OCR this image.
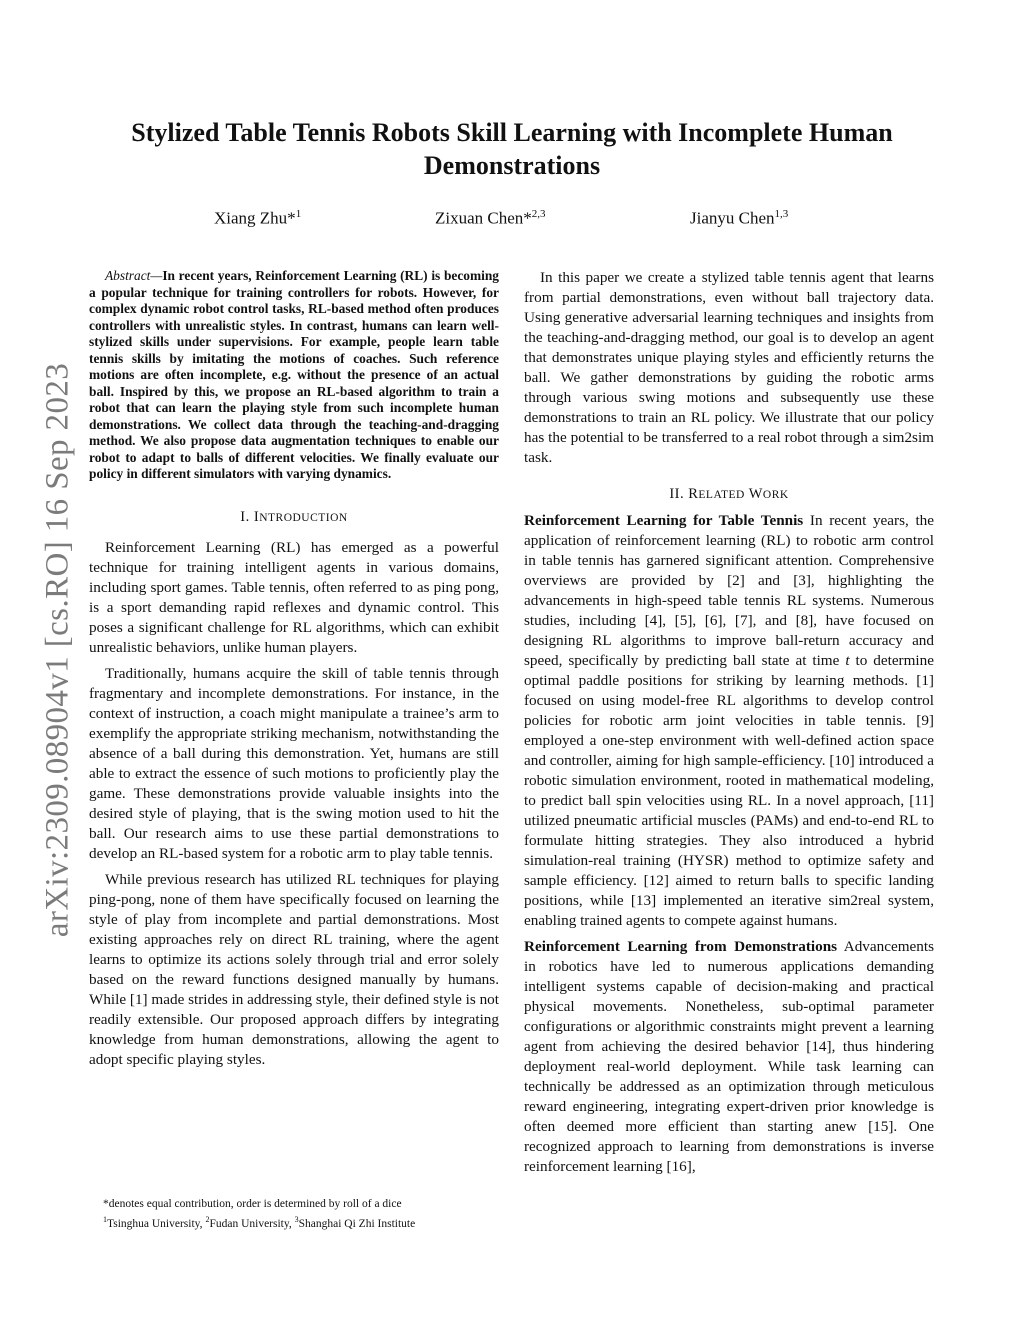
arXiv:2309.08904v1 [cs.RO] 16 Sep 2023
Stylized Table Tennis Robots Skill Learning with Incomplete Human Demonstrations
Xiang Zhu*$^1$	Zixuan Chen*$^{2,3}$	Jianyu Chen$^{1,3}$

Abstract—In recent years, Reinforcement Learning (RL) is becoming a popular technique for training controllers for robots. However, for complex dynamic robot control tasks, RL-based method often produces controllers with unrealistic styles. In contrast, humans can learn well-stylized skills under supervisions. For example, people learn table tennis skills by imitating the motions of coaches. Such reference motions are often incomplete, e.g. without the presence of an actual ball. Inspired by this, we propose an RL-based algorithm to train a robot that can learn the playing style from such incomplete human demonstrations. We collect data through the teaching-and-dragging method. We also propose data augmentation techniques to enable our robot to adapt to balls of different velocities. We finally evaluate our policy in different simulators with varying dynamics.

I. INTRODUCTION

Reinforcement Learning (RL) has emerged as a powerful technique for training intelligent agents in various domains, including sport games. Table tennis, often referred to as ping pong, is a sport demanding rapid reflexes and dynamic control. This poses a significant challenge for RL algorithms, which can exhibit unrealistic behaviors, unlike human players.

Traditionally, humans acquire the skill of table tennis through fragmentary and incomplete demonstrations. For instance, in the context of instruction, a coach might manipulate a trainee’s arm to exemplify the appropriate striking mechanism, notwithstanding the absence of a ball during this demonstration. Yet, humans are still able to extract the essence of such motions to proficiently play the game. These demonstrations provide valuable insights into the desired style of playing, that is the swing motion used to hit the ball. Our research aims to use these partial demonstrations to develop an RL-based system for a robotic arm to play table tennis.

While previous research has utilized RL techniques for playing ping-pong, none of them have specifically focused on learning the style of play from incomplete and partial demonstrations. Most existing approaches rely on direct RL training, where the agent learns to optimize its actions solely through trial and error solely based on the reward functions designed manually by humans. While [1] made strides in addressing style, their defined style is not readily extensible. Our proposed approach differs by integrating knowledge from human demonstrations, allowing the agent to adopt specific playing styles.

*denotes equal contribution, order is determined by roll of a dice
$^1$Tsinghua University, $^2$Fudan University, $^3$Shanghai Qi Zhi Institute

In this paper we create a stylized table tennis agent that learns from partial demonstrations, even without ball trajectory data. Using generative adversarial learning techniques and insights from the teaching-and-dragging method, our goal is to develop an agent that demonstrates unique playing styles and efficiently returns the ball. We gather demonstrations by guiding the robotic arms through various swing motions and subsequently use these demonstrations to train an RL policy. We illustrate that our policy has the potential to be transferred to a real robot through a sim2sim task.

II. RELATED WORK

Reinforcement Learning for Table Tennis In recent years, the application of reinforcement learning (RL) to robotic arm control in table tennis has garnered significant attention. Comprehensive overviews are provided by [2] and [3], highlighting the advancements in high-speed table tennis RL systems. Numerous studies, including [4], [5], [6], [7], and [8], have focused on designing RL algorithms to improve ball-return accuracy and speed, specifically by predicting ball state at time t to determine optimal paddle positions for striking by learning methods. [1] focused on using model-free RL algorithms to develop control policies for robotic arm joint velocities in table tennis. [9] employed a one-step environment with well-defined action space and controller, aiming for high sample-efficiency. [10] introduced a robotic simulation environment, rooted in mathematical modeling, to predict ball spin velocities using RL. In a novel approach, [11] utilized pneumatic artificial muscles (PAMs) and end-to-end RL to formulate hitting strategies. They also introduced a hybrid simulation-real training (HYSR) method to optimize safety and sample efficiency. [12] aimed to return balls to specific landing positions, while [13] implemented an iterative sim2real system, enabling trained agents to compete against humans.

Reinforcement Learning from Demonstrations Advancements in robotics have led to numerous applications demanding intelligent systems capable of decision-making and practical physical movements. Nonetheless, sub-optimal parameter configurations or algorithmic constraints might prevent a learning agent from achieving the desired behavior [14], thus hindering deployment real-world deployment. While task learning can technically be addressed as an optimization through meticulous reward engineering, integrating expert-driven prior knowledge is often deemed more efficient than starting anew [15]. One recognized approach to learning from demonstrations is inverse reinforcement learning [16],
